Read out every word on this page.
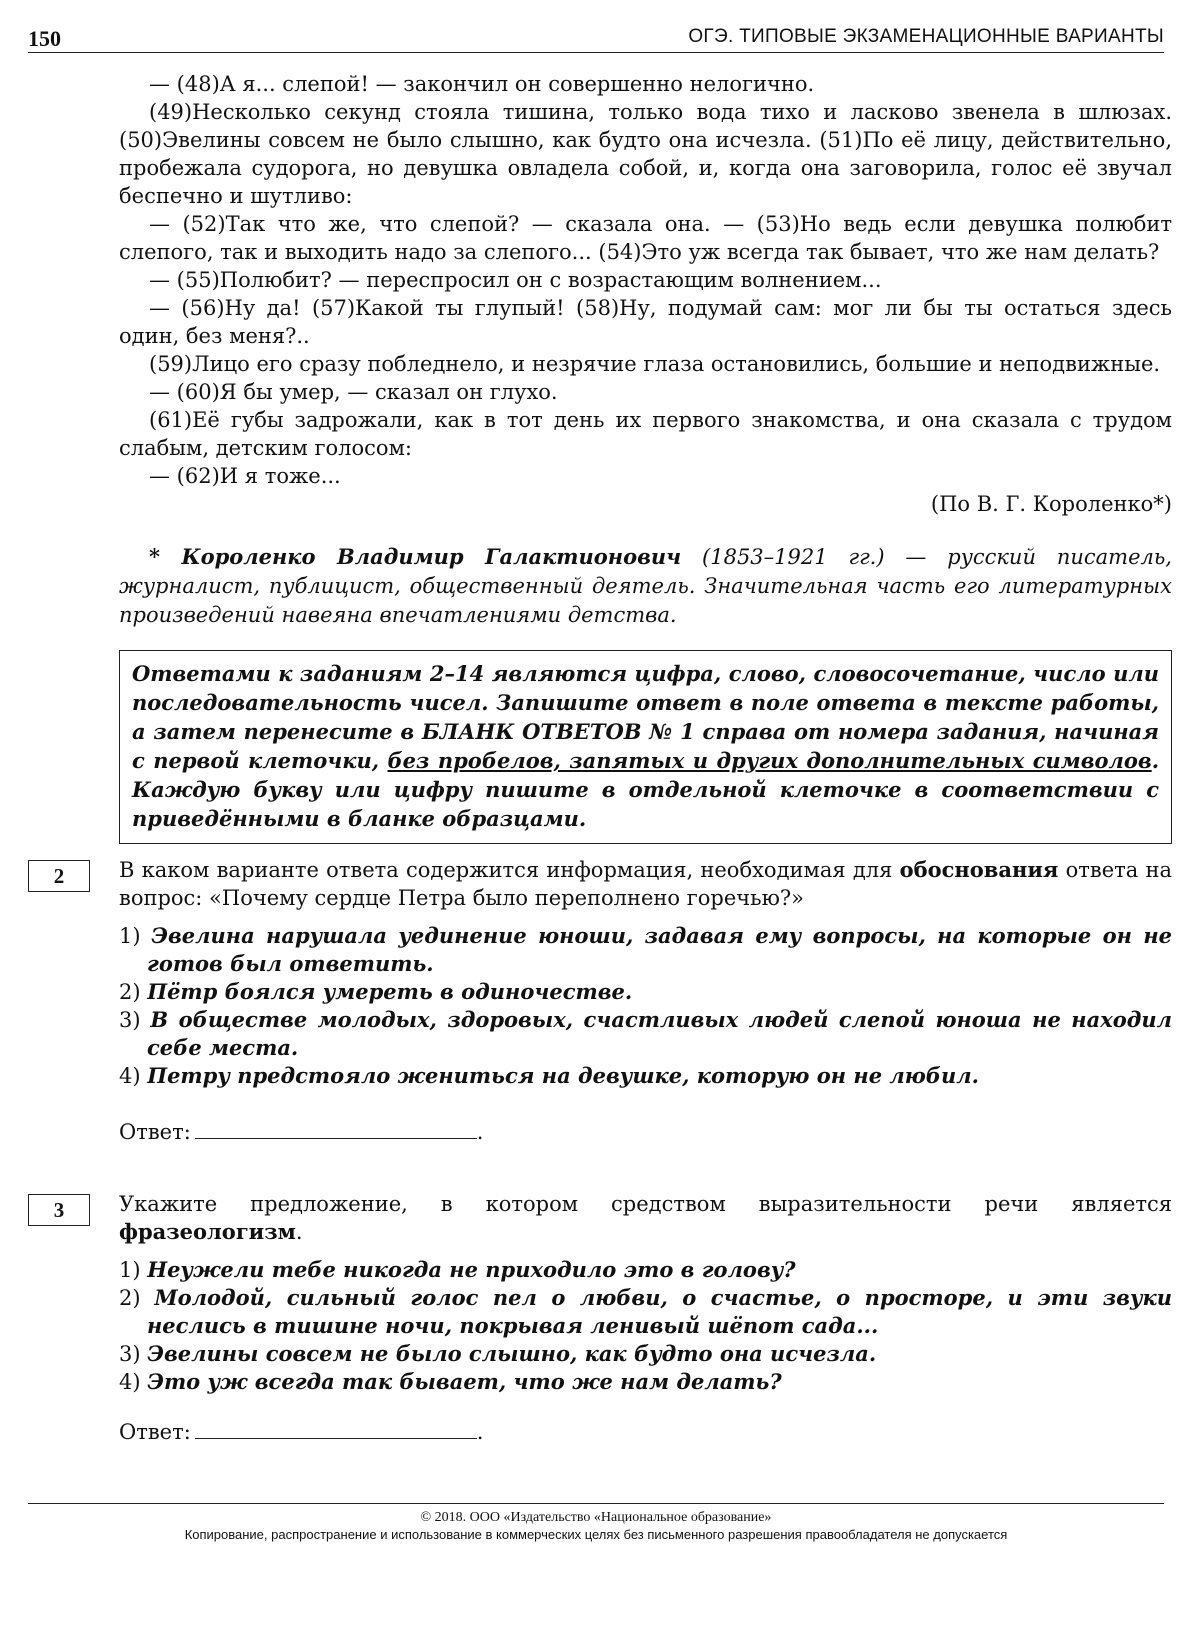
150	ОГЭ. ТИПОВЫЕ ЭКЗАМЕНАЦИОННЫЕ ВАРИАНТЫ

— (48)А я... слепой! — закончил он совершенно нелогично.

(49)Несколько секунд стояла тишина, только вода тихо и ласково звенела в шлюзах. (50)Эвелины совсем не было слышно, как будто она исчезла. (51)По её лицу, действительно, пробежала судорога, но девушка овладела собой, и, когда она заговорила, голос её звучал беспечно и шутливо:

— (52)Так что же, что слепой? — сказала она. — (53)Но ведь если девушка полюбит слепого, так и выходить надо за слепого... (54)Это уж всегда так бывает, что же нам делать?

— (55)Полюбит? — переспросил он с возрастающим волнением...

— (56)Ну да! (57)Какой ты глупый! (58)Ну, подумай сам: мог ли бы ты остаться здесь один, без меня?..

(59)Лицо его сразу побледнело, и незрячие глаза остановились, большие и неподвижные.

— (60)Я бы умер, — сказал он глухо.

(61)Её губы задрожали, как в тот день их первого знакомства, и она сказала с трудом слабым, детским голосом:

— (62)И я тоже...

(По В. Г. Короленко*)

* Короленко Владимир Галактионович (1853–1921 гг.) — русский писатель, журналист, публицист, общественный деятель. Значительная часть его литературных произведений навеяна впечатлениями детства.

Ответами к заданиям 2–14 являются цифра, слово, словосочетание, число или последовательность чисел. Запишите ответ в поле ответа в тексте работы, а затем перенесите в БЛАНК ОТВЕТОВ № 1 справа от номера задания, начиная с первой клеточки, без пробелов, запятых и других дополнительных символов. Каждую букву или цифру пишите в отдельной клеточке в соответствии с приведёнными в бланке образцами.
2	В каком варианте ответа содержится информация, необходимая для обоснования ответа на вопрос: «Почему сердце Петра было переполнено горечью?»

1) Эвелина нарушала уединение юноши, задавая ему вопросы, на которые он не готов был ответить.

2) Пётр боялся умереть в одиночестве.

3) В обществе молодых, здоровых, счастливых людей слепой юноша не находил себе места.

4) Петру предстояло жениться на девушке, которую он не любил.

Ответ:	.

3	Укажите предложение, в котором средством выразительности речи является фразеологизм.

1) Неужели тебе никогда не приходило это в голову?

2) Молодой, сильный голос пел о любви, о счастье, о просторе, и эти звуки неслись в тишине ночи, покрывая ленивый шёпот сада...

3) Эвелины совсем не было слышно, как будто она исчезла.

4) Это уж всегда так бывает, что же нам делать?

Ответ:	.

© 2018. ООО «Издательство «Национальное образование»
Копирование, распространение и использование в коммерческих целях без письменного разрешения правообладателя не допускается
